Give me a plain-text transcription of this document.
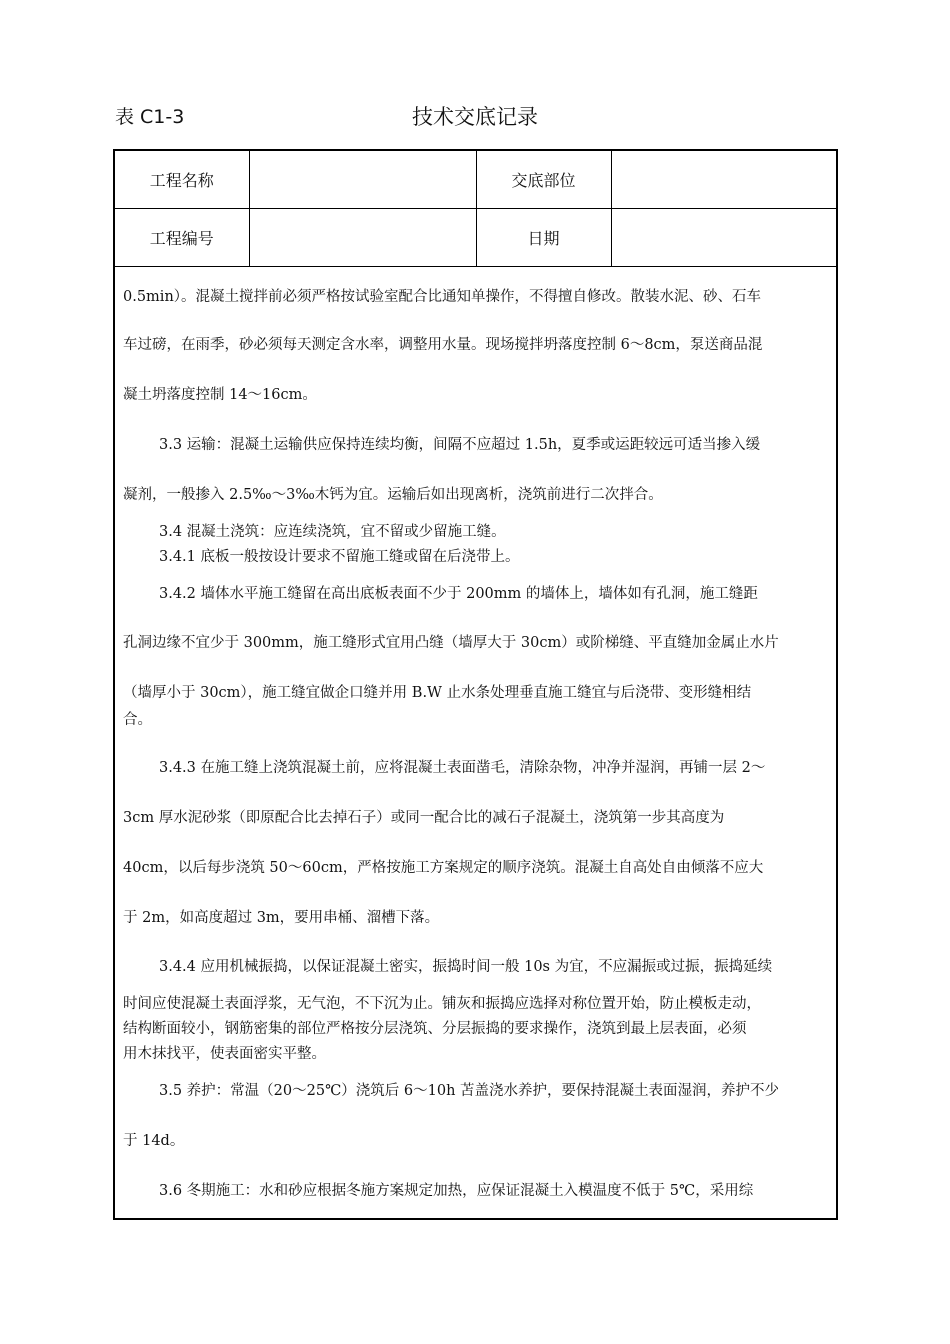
表 C1-3	技术交底记录
工程名称		交底部位	
工程编号		日期	
0.5min）。混凝土搅拌前必须严格按试验室配合比通知单操作，不得擅自修改。散装水泥、砂、石车
车过磅，在雨季，砂必须每天测定含水率，调整用水量。现场搅拌坍落度控制 6～8cm，泵送商品混
凝土坍落度控制 14～16cm。
3.3 运输：混凝土运输供应保持连续均衡，间隔不应超过 1.5h，夏季或运距较远可适当掺入缓
凝剂，一般掺入 2.5‰～3‰木钙为宜。运输后如出现离析，浇筑前进行二次拌合。
3.4 混凝土浇筑：应连续浇筑，宜不留或少留施工缝。
3.4.1 底板一般按设计要求不留施工缝或留在后浇带上。
3.4.2 墙体水平施工缝留在高出底板表面不少于 200mm 的墙体上，墙体如有孔洞，施工缝距
孔洞边缘不宜少于 300mm，施工缝形式宜用凸缝（墙厚大于 30cm）或阶梯缝、平直缝加金属止水片
（墙厚小于 30cm），施工缝宜做企口缝并用 B.W 止水条处理垂直施工缝宜与后浇带、变形缝相结
合。
3.4.3 在施工缝上浇筑混凝土前，应将混凝土表面凿毛，清除杂物，冲净并湿润，再铺一层 2～
3cm 厚水泥砂浆（即原配合比去掉石子）或同一配合比的减石子混凝土，浇筑第一步其高度为
40cm，以后每步浇筑 50～60cm，严格按施工方案规定的顺序浇筑。混凝土自高处自由倾落不应大
于 2m，如高度超过 3m，要用串桶、溜槽下落。
3.4.4 应用机械振捣，以保证混凝土密实，振捣时间一般 10s 为宜，不应漏振或过振，振捣延续
时间应使混凝土表面浮浆，无气泡，不下沉为止。铺灰和振捣应选择对称位置开始，防止模板走动，
结构断面较小，钢筋密集的部位严格按分层浇筑、分层振捣的要求操作，浇筑到最上层表面，必须
用木抹找平，使表面密实平整。
3.5 养护：常温（20～25℃）浇筑后 6～10h 苫盖浇水养护，要保持混凝土表面湿润，养护不少
于 14d。
3.6 冬期施工：水和砂应根据冬施方案规定加热，应保证混凝土入模温度不低于 5℃，采用综
